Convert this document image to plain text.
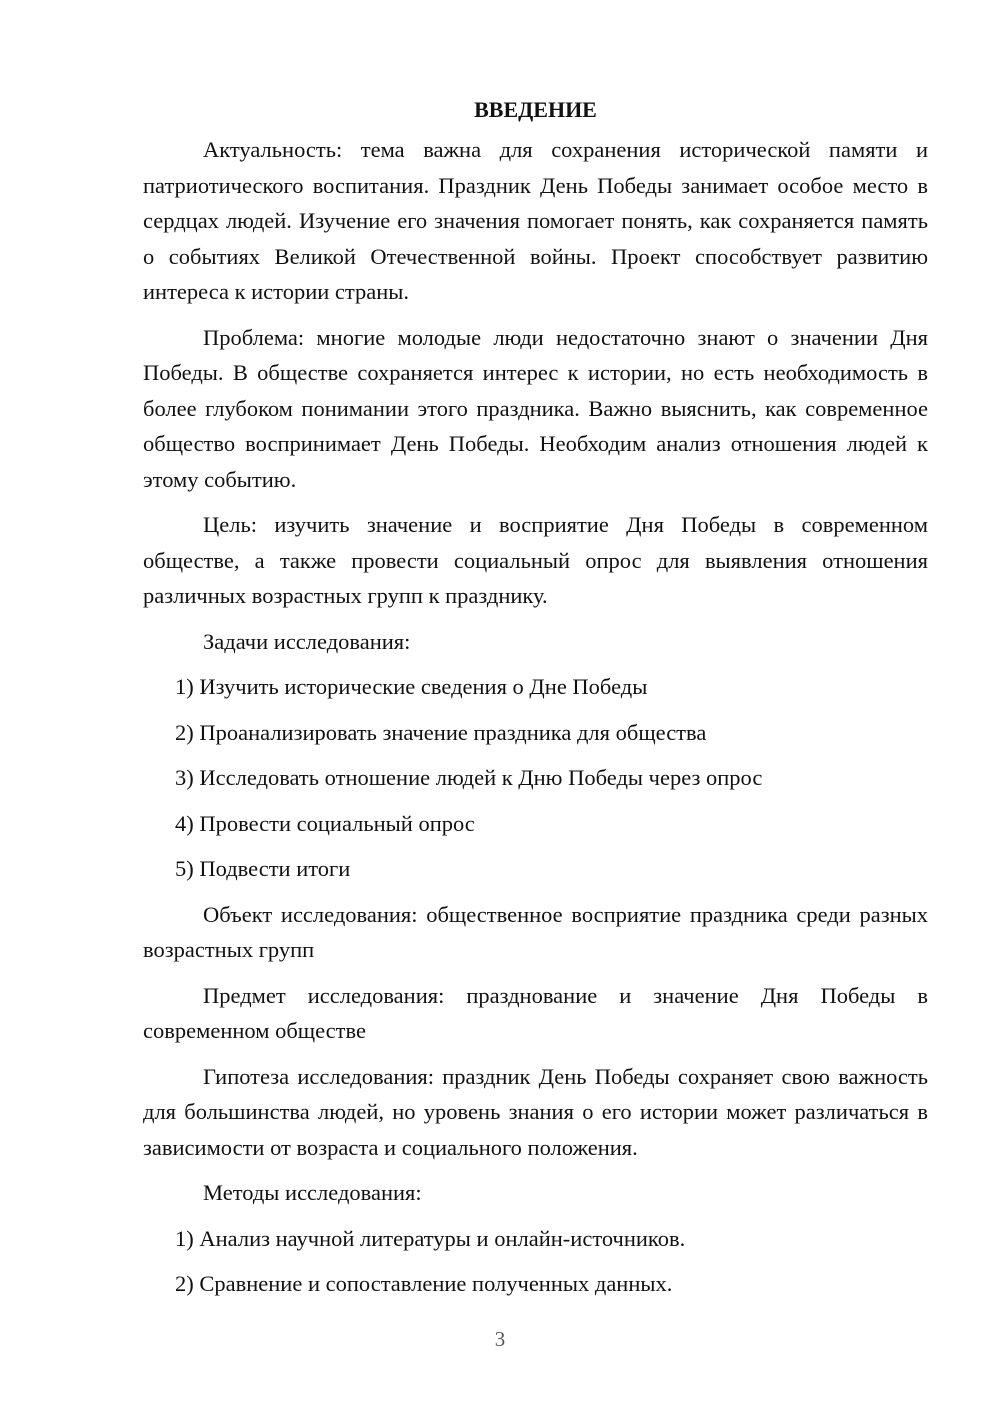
ВВЕДЕНИЕ

Актуальность: тема важна для сохранения исторической памяти и патриотического воспитания. Праздник День Победы занимает особое место в сердцах людей. Изучение его значения помогает понять, как сохраняется память о событиях Великой Отечественной войны. Проект способствует развитию интереса к истории страны.

Проблема: многие молодые люди недостаточно знают о значении Дня Победы. В обществе сохраняется интерес к истории, но есть необходимость в более глубоком понимании этого праздника. Важно выяснить, как современное общество воспринимает День Победы. Необходим анализ отношения людей к этому событию.

Цель: изучить значение и восприятие Дня Победы в современном обществе, а также провести социальный опрос для выявления отношения различных возрастных групп к празднику.

Задачи исследования:

1) Изучить исторические сведения о Дне Победы

2) Проанализировать значение праздника для общества

3) Исследовать отношение людей к Дню Победы через опрос

4) Провести социальный опрос

5) Подвести итоги

Объект исследования: общественное восприятие праздника среди разных возрастных групп

Предмет исследования: празднование и значение Дня Победы в современном обществе

Гипотеза исследования: праздник День Победы сохраняет свою важность для большинства людей, но уровень знания о его истории может различаться в зависимости от возраста и социального положения.

Методы исследования:

1) Анализ научной литературы и онлайн-источников.

2) Сравнение и сопоставление полученных данных.

3
